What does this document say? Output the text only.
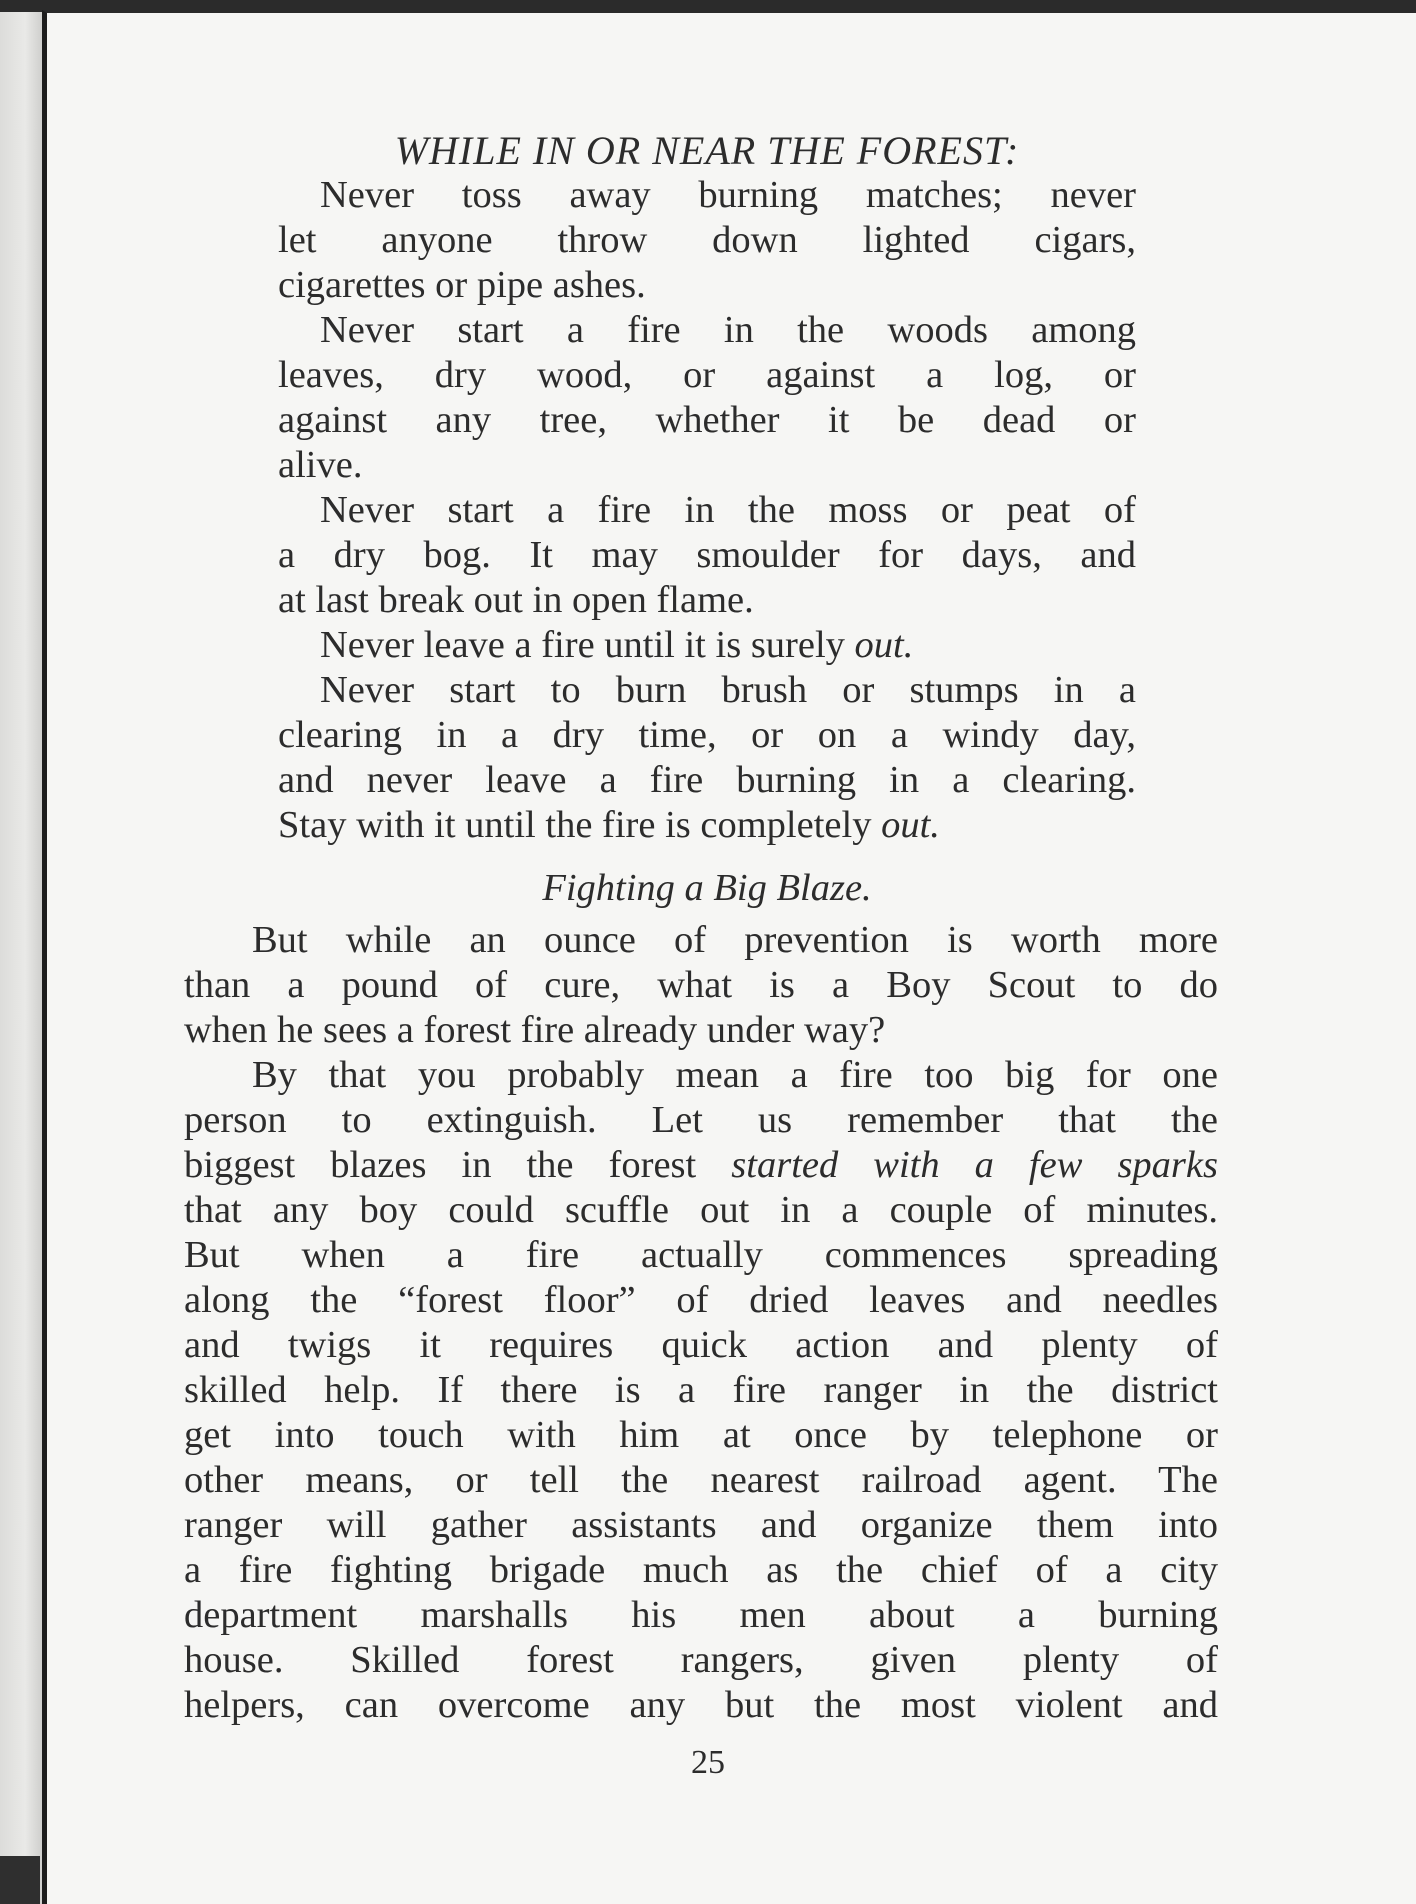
WHILE IN OR NEAR THE FOREST:
Never toss away burning matches; never
let anyone throw down lighted cigars,
cigarettes or pipe ashes.
Never start a fire in the woods among
leaves, dry wood, or against a log, or
against any tree, whether it be dead or
alive.
Never start a fire in the moss or peat of
a dry bog. It may smoulder for days, and
at last break out in open flame.
Never leave a fire until it is surely out.
Never start to burn brush or stumps in a
clearing in a dry time, or on a windy day,
and never leave a fire burning in a clearing.
Stay with it until the fire is completely out.
Fighting a Big Blaze.
But while an ounce of prevention is worth more
than a pound of cure, what is a Boy Scout to do
when he sees a forest fire already under way?
By that you probably mean a fire too big for one
person to extinguish. Let us remember that the
biggest blazes in the forest started with a few sparks
that any boy could scuffle out in a couple of minutes.
But when a fire actually commences spreading
along the “forest floor” of dried leaves and needles
and twigs it requires quick action and plenty of
skilled help. If there is a fire ranger in the district
get into touch with him at once by telephone or
other means, or tell the nearest railroad agent. The
ranger will gather assistants and organize them into
a fire fighting brigade much as the chief of a city
department marshalls his men about a burning
house. Skilled forest rangers, given plenty of
helpers, can overcome any but the most violent and
25
